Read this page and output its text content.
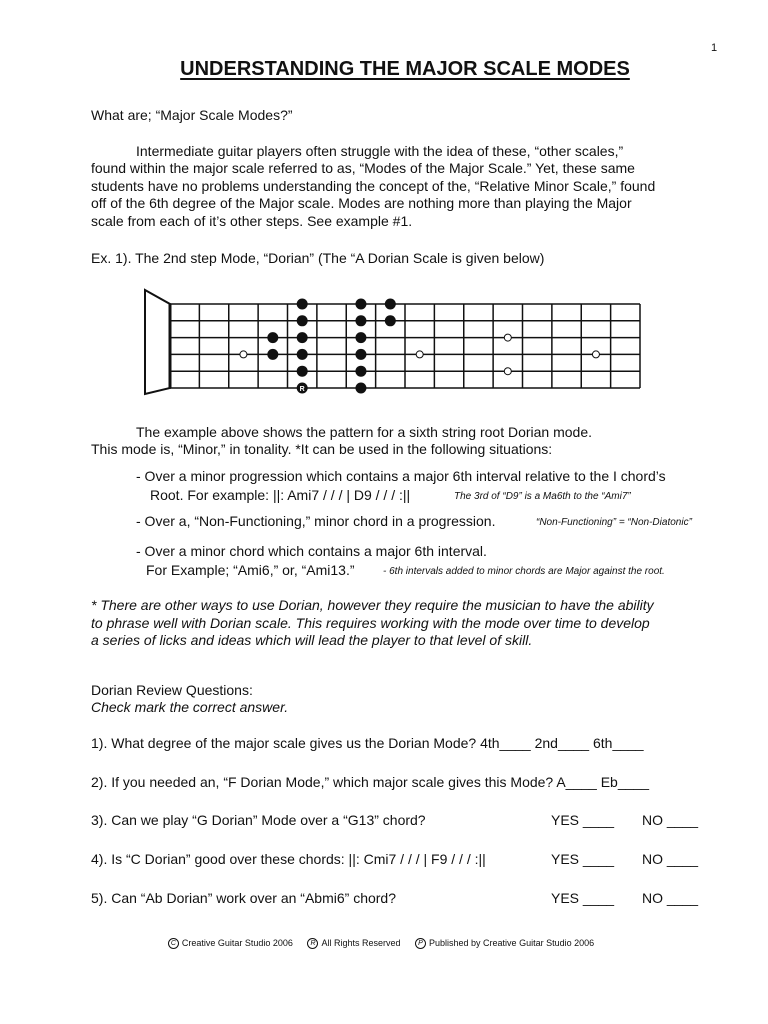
1
UNDERSTANDING THE MAJOR SCALE MODES
What are; “Major Scale Modes?”
Intermediate guitar players often struggle with the idea of these, “other scales,”
found within the major scale referred to as, “Modes of the Major Scale.” Yet, these same
students have no problems understanding the concept of the, “Relative Minor Scale,” found
off of the 6th degree of the Major scale. Modes are nothing more than playing the Major
scale from each of it’s other steps. See example #1.
Ex. 1). The 2nd step Mode, “Dorian” (The “A Dorian Scale is given below)
R
The example above shows the pattern for a sixth string root Dorian mode.
This mode is, “Minor,” in tonality. *It can be used in the following situations:
- Over a minor progression which contains a major 6th interval relative to the I chord’s
Root. For example: ||: Ami7 / / / | D9 / / / :||	The 3rd of “D9” is a Ma6th to the “Ami7”
- Over a, “Non-Functioning,” minor chord in a progression.	“Non-Functioning” = “Non-Diatonic”
- Over a minor chord which contains a major 6th interval.
For Example; “Ami6,” or, “Ami13.”	- 6th intervals added to minor chords are Major against the root.
* There are other ways to use Dorian, however they require the musician to have the ability
to phrase well with Dorian scale. This requires working with the mode over time to develop
a series of licks and ideas which will lead the player to that level of skill.
Dorian Review Questions:
Check mark the correct answer.
1). What degree of the major scale gives us the Dorian Mode? 4th____ 2nd____ 6th____
2). If you needed an, “F Dorian Mode,” which major scale gives this Mode? A____ Eb____
3). Can we play “G Dorian” Mode over a “G13” chord?	YES ____ NO ____
4). Is “C Dorian” good over these chords: ||: Cmi7 / / / | F9 / / / :||	YES ____ NO ____
5). Can “Ab Dorian” work over an “Abmi6” chord?	YES ____ NO ____
C Creative Guitar Studio 2006 R All Rights Reserved	P Published by Creative Guitar Studio 2006
